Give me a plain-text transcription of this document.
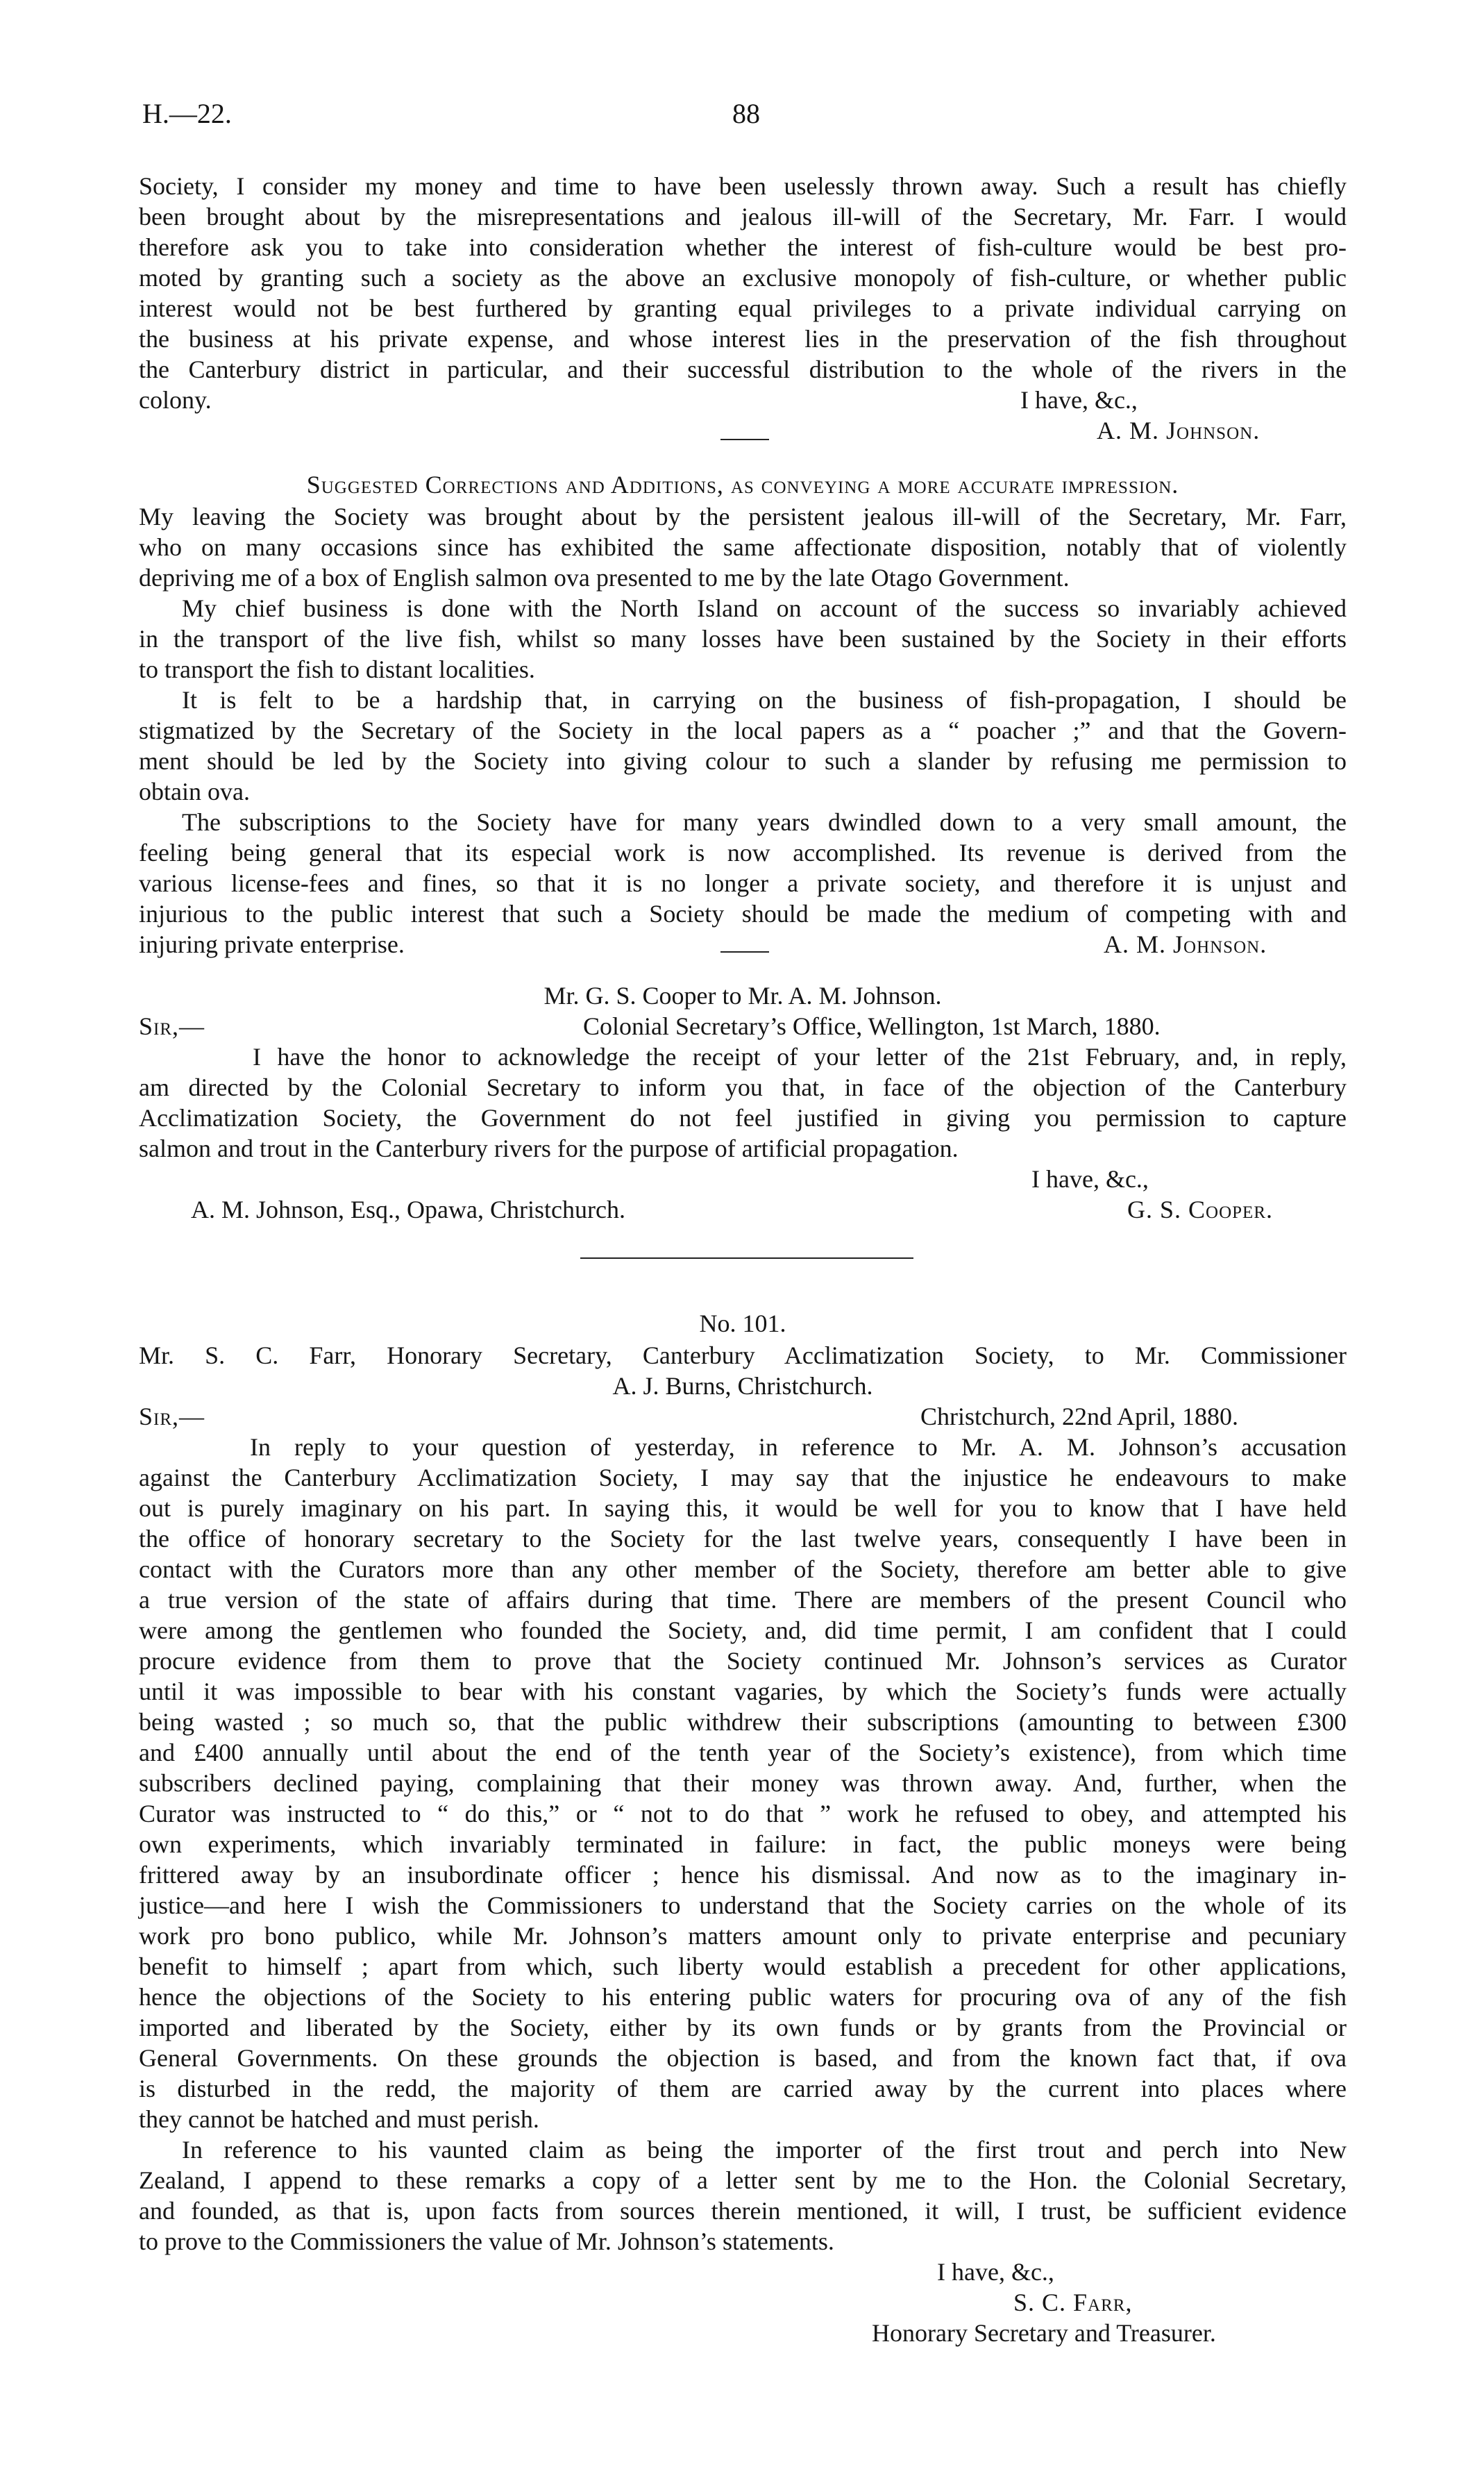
H.—22.	88
Society, I consider my money and time to have been uselessly thrown away. Such a result has chiefly
been brought about by the misrepresentations and jealous ill-will of the Secretary, Mr. Farr. I would
therefore ask you to take into consideration whether the interest of fish-culture would be best pro-
moted by granting such a society as the above an exclusive monopoly of fish-culture, or whether public
interest would not be best furthered by granting equal privileges to a private individual carrying on
the business at his private expense, and whose interest lies in the preservation of the fish throughout
the Canterbury district in particular, and their successful distribution to the whole of the rivers in the
colony.	I have, &c.,
A. M. Johnson.
Suggested Corrections and Additions, as conveying a more accurate impression.
My leaving the Society was brought about by the persistent jealous ill-will of the Secretary, Mr. Farr,
who on many occasions since has exhibited the same affectionate disposition, notably that of violently
depriving me of a box of English salmon ova presented to me by the late Otago Government.
My chief business is done with the North Island on account of the success so invariably achieved
in the transport of the live fish, whilst so many losses have been sustained by the Society in their efforts
to transport the fish to distant localities.
It is felt to be a hardship that, in carrying on the business of fish-propagation, I should be
stigmatized by the Secretary of the Society in the local papers as a “ poacher ;” and that the Govern-
ment should be led by the Society into giving colour to such a slander by refusing me permission to
obtain ova.
The subscriptions to the Society have for many years dwindled down to a very small amount, the
feeling being general that its especial work is now accomplished. Its revenue is derived from the
various license-fees and fines, so that it is no longer a private society, and therefore it is unjust and
injurious to the public interest that such a Society should be made the medium of competing with and
injuring private enterprise.	A. M. Johnson.
Mr. G. S. Cooper to Mr. A. M. Johnson.
Sir,—	Colonial Secretary’s Office, Wellington, 1st March, 1880.
I have the honor to acknowledge the receipt of your letter of the 21st February, and, in reply,
am directed by the Colonial Secretary to inform you that, in face of the objection of the Canterbury
Acclimatization Society, the Government do not feel justified in giving you permission to capture
salmon and trout in the Canterbury rivers for the purpose of artificial propagation.
I have, &c.,
A. M. Johnson, Esq., Opawa, Christchurch.	G. S. Cooper.
No. 101.
Mr. S. C. Farr, Honorary Secretary, Canterbury Acclimatization Society, to Mr. Commissioner
A. J. Burns, Christchurch.
Sir,—	Christchurch, 22nd April, 1880.
In reply to your question of yesterday, in reference to Mr. A. M. Johnson’s accusation
against the Canterbury Acclimatization Society, I may say that the injustice he endeavours to make
out is purely imaginary on his part. In saying this, it would be well for you to know that I have held
the office of honorary secretary to the Society for the last twelve years, consequently I have been in
contact with the Curators more than any other member of the Society, therefore am better able to give
a true version of the state of affairs during that time. There are members of the present Council who
were among the gentlemen who founded the Society, and, did time permit, I am confident that I could
procure evidence from them to prove that the Society continued Mr. Johnson’s services as Curator
until it was impossible to bear with his constant vagaries, by which the Society’s funds were actually
being wasted ; so much so, that the public withdrew their subscriptions (amounting to between £300
and £400 annually until about the end of the tenth year of the Society’s existence), from which time
subscribers declined paying, complaining that their money was thrown away. And, further, when the
Curator was instructed to “ do this,” or “ not to do that ” work he refused to obey, and attempted his
own experiments, which invariably terminated in failure: in fact, the public moneys were being
frittered away by an insubordinate officer ; hence his dismissal. And now as to the imaginary in-
justice—and here I wish the Commissioners to understand that the Society carries on the whole of its
work pro bono publico, while Mr. Johnson’s matters amount only to private enterprise and pecuniary
benefit to himself ; apart from which, such liberty would establish a precedent for other applications,
hence the objections of the Society to his entering public waters for procuring ova of any of the fish
imported and liberated by the Society, either by its own funds or by grants from the Provincial or
General Governments. On these grounds the objection is based, and from the known fact that, if ova
is disturbed in the redd, the majority of them are carried away by the current into places where
they cannot be hatched and must perish.
In reference to his vaunted claim as being the importer of the first trout and perch into New
Zealand, I append to these remarks a copy of a letter sent by me to the Hon. the Colonial Secretary,
and founded, as that is, upon facts from sources therein mentioned, it will, I trust, be sufficient evidence
to prove to the Commissioners the value of Mr. Johnson’s statements.
I have, &c.,
S. C. Farr,
Honorary Secretary and Treasurer.
